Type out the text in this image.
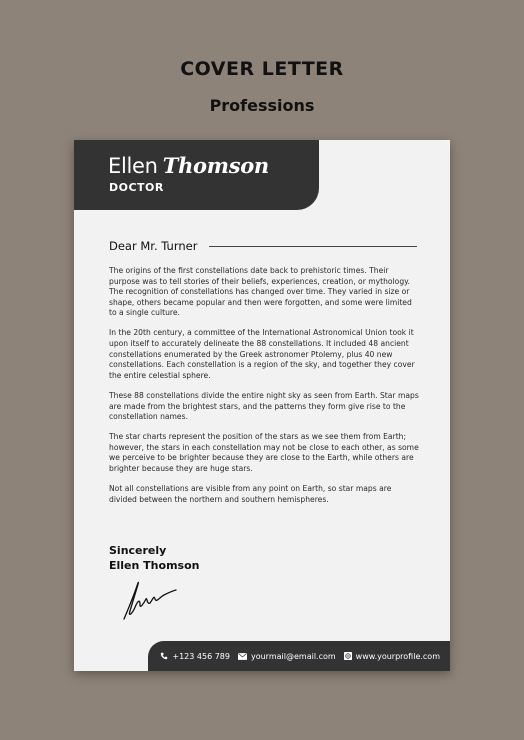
COVER LETTER
Professions
Ellen Thomson
DOCTOR
Dear Mr. Turner

The origins of the first constellations date back to prehistoric times. Their purpose was to tell stories of their beliefs, experiences, creation, or mythology. The recognition of constellations has changed over time. They varied in size or shape, others became popular and then were forgotten, and some were limited to a single culture.

In the 20th century, a committee of the International Astronomical Union took it upon itself to accurately delineate the 88 constellations. It included 48 ancient constellations enumerated by the Greek astronomer Ptolemy, plus 40 new constellations. Each constellation is a region of the sky, and together they cover the entire celestial sphere.

These 88 constellations divide the entire night sky as seen from Earth. Star maps are made from the brightest stars, and the patterns they form give rise to the constellation names.

The star charts represent the position of the stars as we see them from Earth; however, the stars in each constellation may not be close to each other, as some we perceive to be brighter because they are close to the Earth, while others are brighter because they are huge stars.

Not all constellations are visible from any point on Earth, so star maps are divided between the northern and southern hemispheres.

Sincerely
Ellen Thomson
+123 456 789	yourmail@email.com	www.yourprofile.com
